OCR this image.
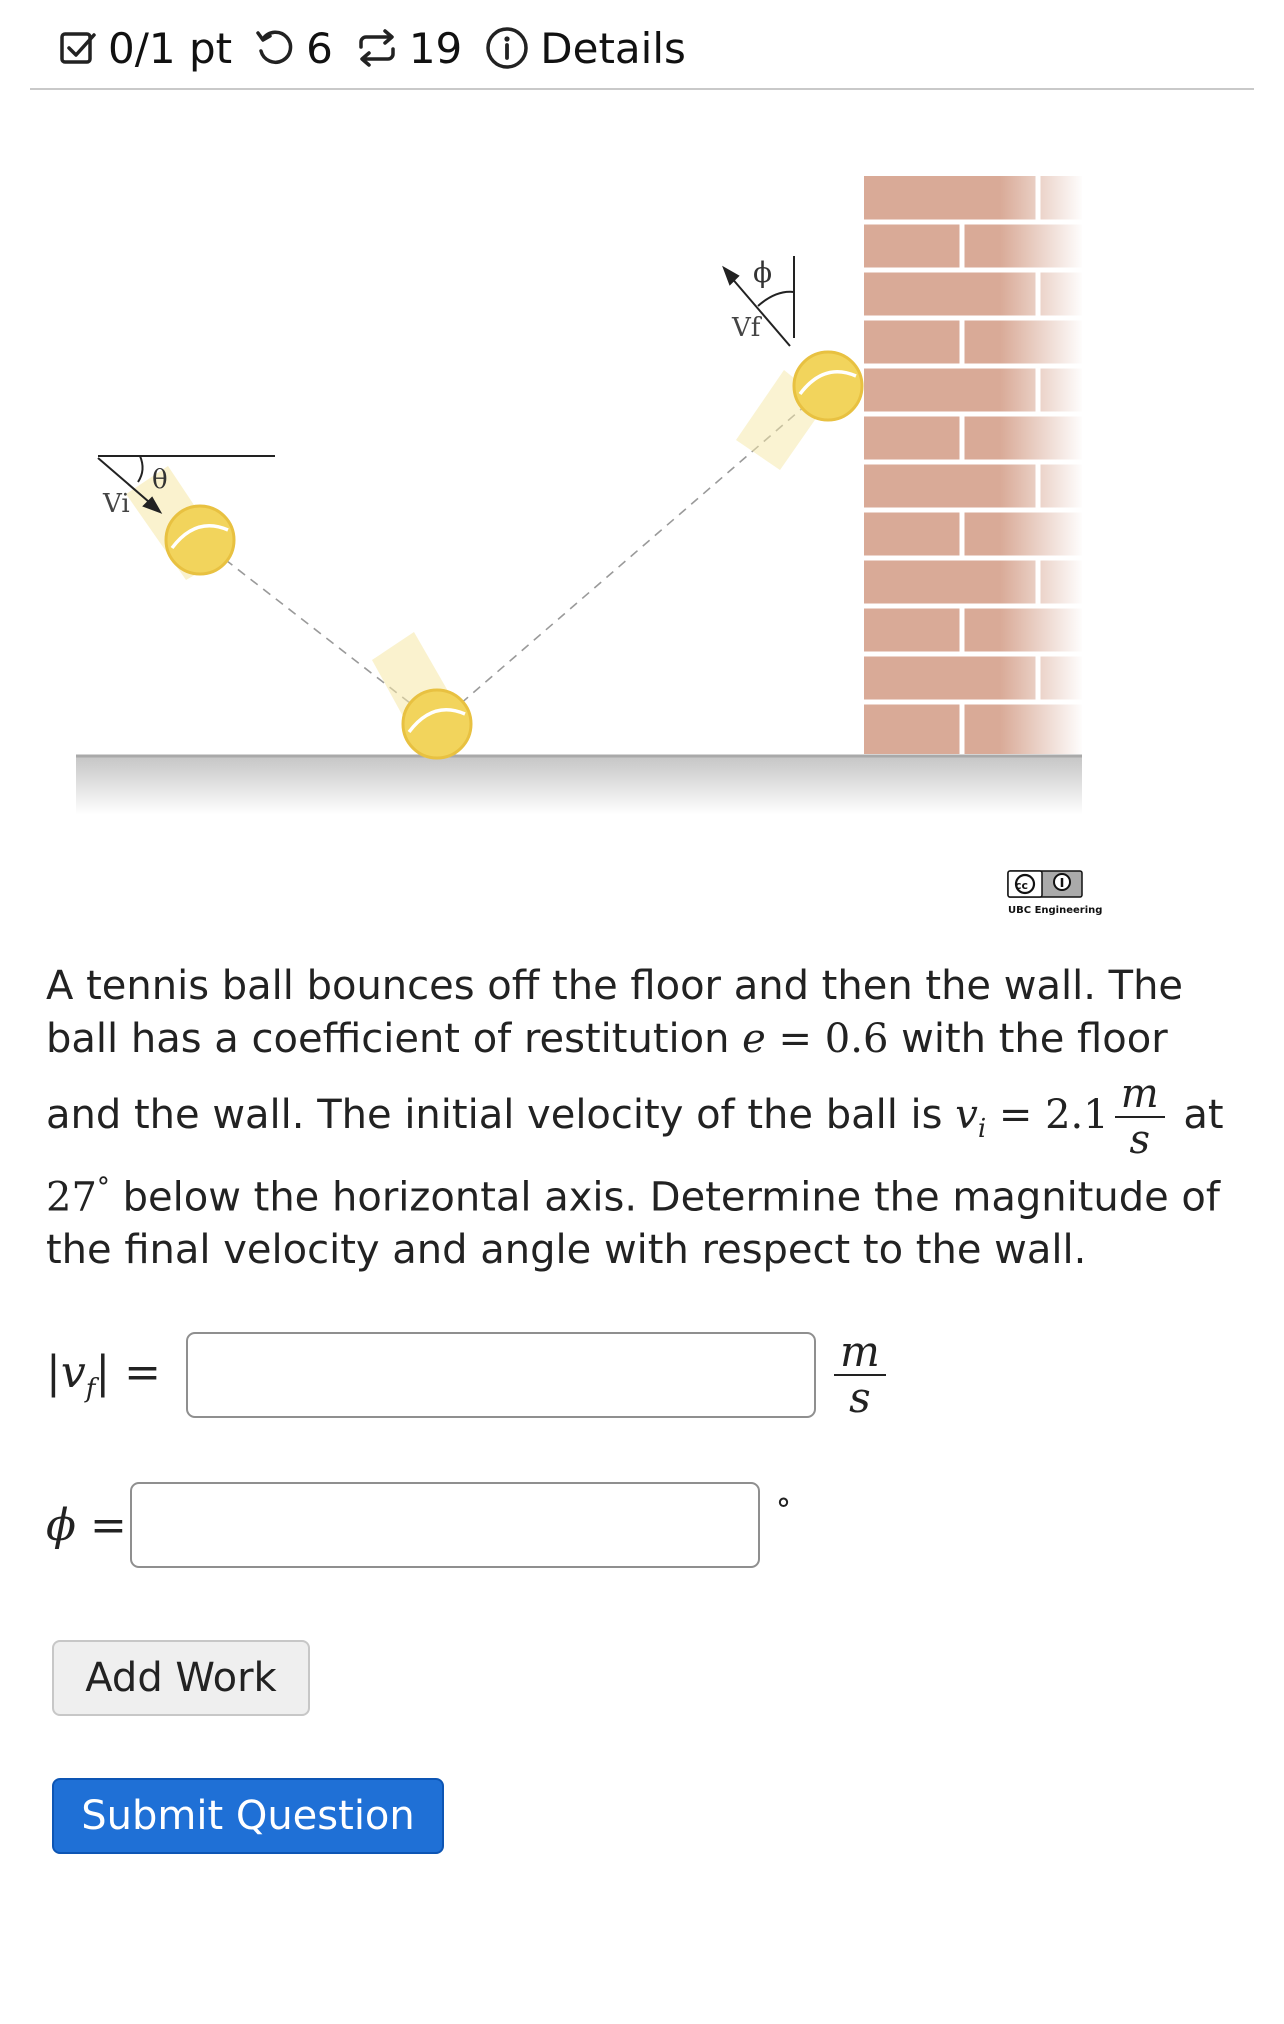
0/1 pt 6 19 Details
Vi
θ
Vf
ϕ
cc
UBC Engineering
A tennis ball bounces off the floor and then the wall. The
ball has a coefficient of restitution e = 0.6 with the floor
and the wall. The initial velocity of the ball is $v_i = 2.1 \frac{m}{s}$ at
27° below the horizontal axis. Determine the magnitude of
the final velocity and angle with respect to the wall.
$|v_f|$ =	$\frac{m}{s}$
ϕ =	°
Add Work
Submit Question
